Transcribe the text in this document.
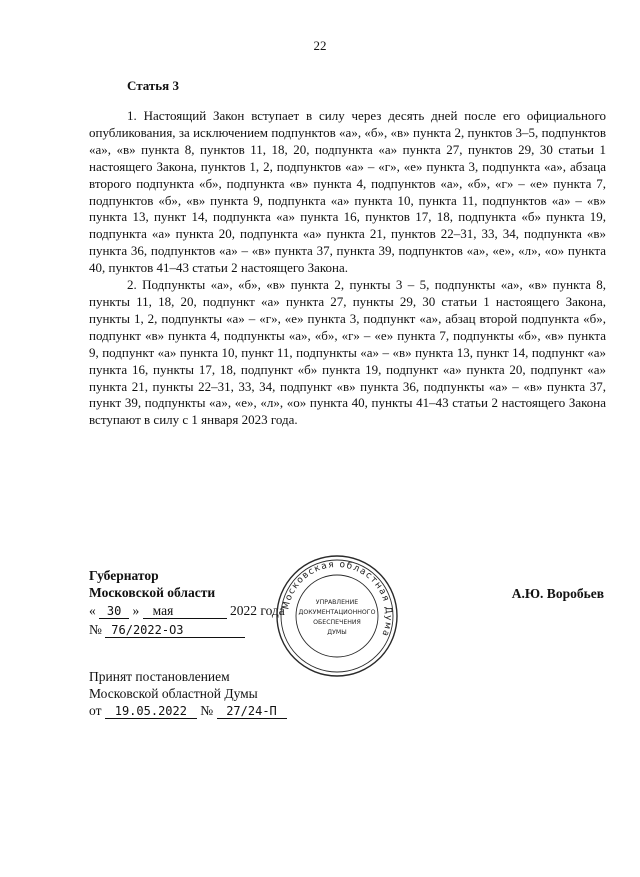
22
Статья 3

1. Настоящий Закон вступает в силу через десять дней после его официального опубликования, за исключением подпунктов «а», «б», «в» пункта 2, пунктов 3–5, подпунктов «а», «в» пункта 8, пунктов 11, 18, 20, подпункта «а» пункта 27, пунктов 29, 30 статьи 1 настоящего Закона, пунктов 1, 2, подпунктов «а» – «г», «е» пункта 3, подпункта «а», абзаца второго подпункта «б», подпункта «в» пункта 4, подпунктов «а», «б», «г» – «е» пункта 7, подпунктов «б», «в» пункта 9, подпункта «а» пункта 10, пункта 11, подпунктов «а» – «в» пункта 13, пункт 14, подпункта «а» пункта 16, пунктов 17, 18, подпункта «б» пункта 19, подпункта «а» пункта 20, подпункта «а» пункта 21, пунктов 22–31, 33, 34, подпункта «в» пункта 36, подпунктов «а» – «в» пункта 37, пункта 39, подпунктов «а», «е», «л», «о» пункта 40, пунктов 41–43 статьи 2 настоящего Закона.

2. Подпункты «а», «б», «в» пункта 2, пункты 3 – 5, подпункты «а», «в» пункта 8, пункты 11, 18, 20, подпункт «а» пункта 27, пункты 29, 30 статьи 1 настоящего Закона, пункты 1, 2, подпункты «а» – «г», «е» пункта 3, подпункт «а», абзац второй подпункта «б», подпункт «в» пункта 4, подпункты «а», «б», «г» – «е» пункта 7, подпункты «б», «в» пункта 9, подпункт «а» пункта 10, пункт 11, подпункты «а» – «в» пункта 13, пункт 14, подпункт «а» пункта 16, пункты 17, 18, подпункт «б» пункта 19, подпункт «а» пункта 20, подпункт «а» пункта 21, пункты 22–31, 33, 34, подпункт «в» пункта 36, подпункты «а» – «в» пункта 37, пункт 39, подпункты «а», «е», «л», «о» пункта 40, пункты 41–43 статьи 2 настоящего Закона вступают в силу с 1 января 2023 года.

Губернатор
Московской области	А.Ю. Воробьев
« 30 » мая	2022 года
№ 76/2022-ОЗ
Московская областная Дума
УПРАВЛЕНИЕ
ДОКУМЕНТАЦИОННОГО
ОБЕСПЕЧЕНИЯ
ДУМЫ
Принят постановлением
Московской областной Думы
от 19.05.2022 № 27/24-П
